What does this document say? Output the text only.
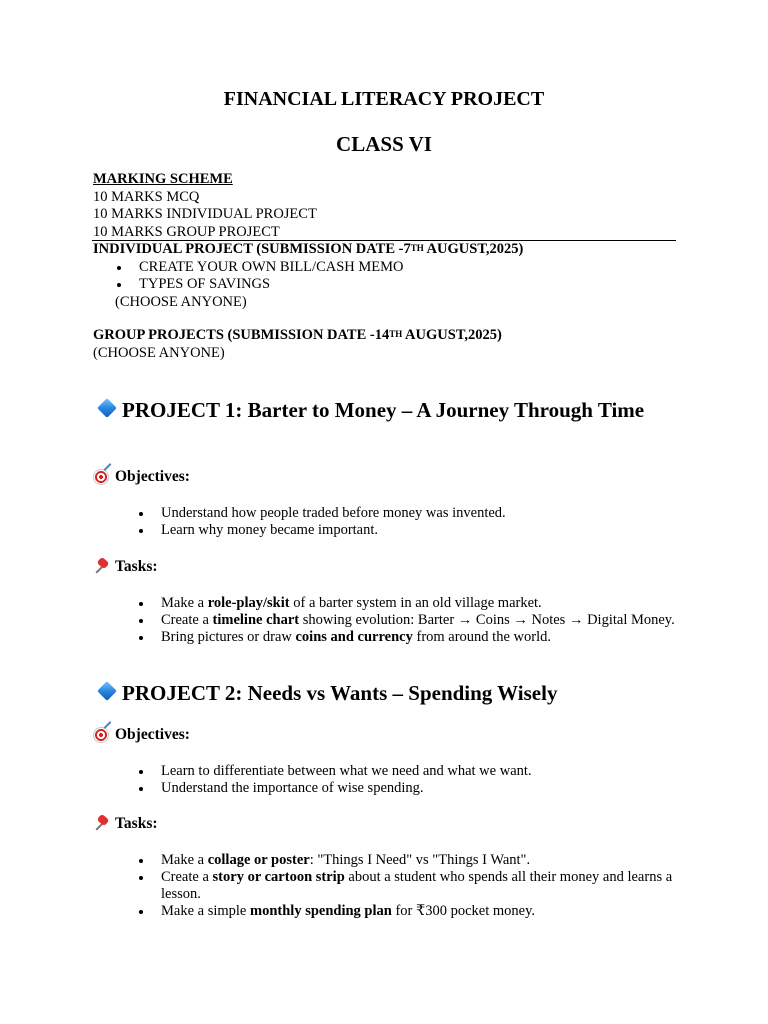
FINANCIAL LITERACY PROJECT
CLASS VI
MARKING SCHEME
10 MARKS MCQ
10 MARKS INDIVIDUAL PROJECT
10 MARKS GROUP PROJECT
INDIVIDUAL PROJECT (SUBMISSION DATE -7TH AUGUST,2025)
CREATE YOUR OWN BILL/CASH MEMO
TYPES OF SAVINGS
(CHOOSE ANYONE)
GROUP PROJECTS (SUBMISSION DATE -14TH AUGUST,2025)
(CHOOSE ANYONE)
PROJECT 1: Barter to Money – A Journey Through Time
Objectives:
Understand how people traded before money was invented.
Learn why money became important.
Tasks:
Make a role-play/skit of a barter system in an old village market.
Create a timeline chart showing evolution: Barter → Coins → Notes → Digital Money.
Bring pictures or draw coins and currency from around the world.
PROJECT 2: Needs vs Wants – Spending Wisely
Objectives:
Learn to differentiate between what we need and what we want.
Understand the importance of wise spending.
Tasks:
Make a collage or poster: "Things I Need" vs "Things I Want".
Create a story or cartoon strip about a student who spends all their money and learns a lesson.
Make a simple monthly spending plan for ₹300 pocket money.
